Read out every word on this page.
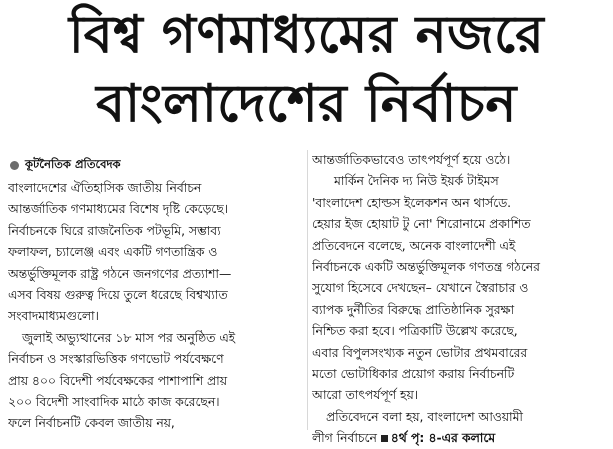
বিশ্ব গণমাধ্যমের নজরে
বাংলাদেশের নির্বাচন
কূটনৈতিক প্রতিবেদক
বাংলাদেশের ঐতিহাসিক জাতীয় নির্বাচন
আন্তর্জাতিক গণমাধ্যমের বিশেষ দৃষ্টি কেড়েছে।
নির্বাচনকে ঘিরে রাজনৈতিক পটভূমি, সম্ভাব্য
ফলাফল, চ্যালেঞ্জ এবং একটি গণতান্ত্রিক ও
অন্তর্ভুক্তিমূলক রাষ্ট্র গঠনে জনগণের প্রত্যাশা—
এসব বিষয় গুরুত্ব দিয়ে তুলে ধরেছে বিশ্বখ্যাত
সংবাদমাধ্যমগুলো।
জুলাই অভ্যুত্থানের ১৮ মাস পর অনুষ্ঠিত এই
নির্বাচন ও সংস্কারভিত্তিক গণভোট পর্যবেক্ষণে
প্রায় ৪০০ বিদেশী পর্যবেক্ষকের পাশাপাশি প্রায়
২০০ বিদেশী সাংবাদিক মাঠে কাজ করেছেন।
ফলে নির্বাচনটি কেবল জাতীয় নয়,
আন্তর্জাতিকভাবেও তাৎপর্যপূর্ণ হয়ে ওঠে।
মার্কিন দৈনিক দ্য নিউ ইয়র্ক টাইমস
'বাংলাদেশ হোল্ডস ইলেকশন অন থার্সডে.
হেয়ার ইজ হোয়াট টু নো' শিরোনামে প্রকাশিত
প্রতিবেদনে বলেছে, অনেক বাংলাদেশী এই
নির্বাচনকে একটি অন্তর্ভুক্তিমূলক গণতন্ত্র গঠনের
সুযোগ হিসেবে দেখছেন– যেখানে স্বৈরাচার ও
ব্যাপক দুর্নীতির বিরুদ্ধে প্রাতিষ্ঠানিক সুরক্ষা
নিশ্চিত করা হবে। পত্রিকাটি উল্লেখ করেছে,
এবার বিপুলসংখ্যক নতুন ভোটার প্রথমবারের
মতো ভোটাধিকার প্রয়োগ করায় নির্বাচনটি
আরো তাৎপর্যপূর্ণ হয়।
প্রতিবেদনে বলা হয়, বাংলাদেশ আওয়ামী
লীগ নির্বাচনে ৪র্থ পৃ: ৪-এর কলামে
